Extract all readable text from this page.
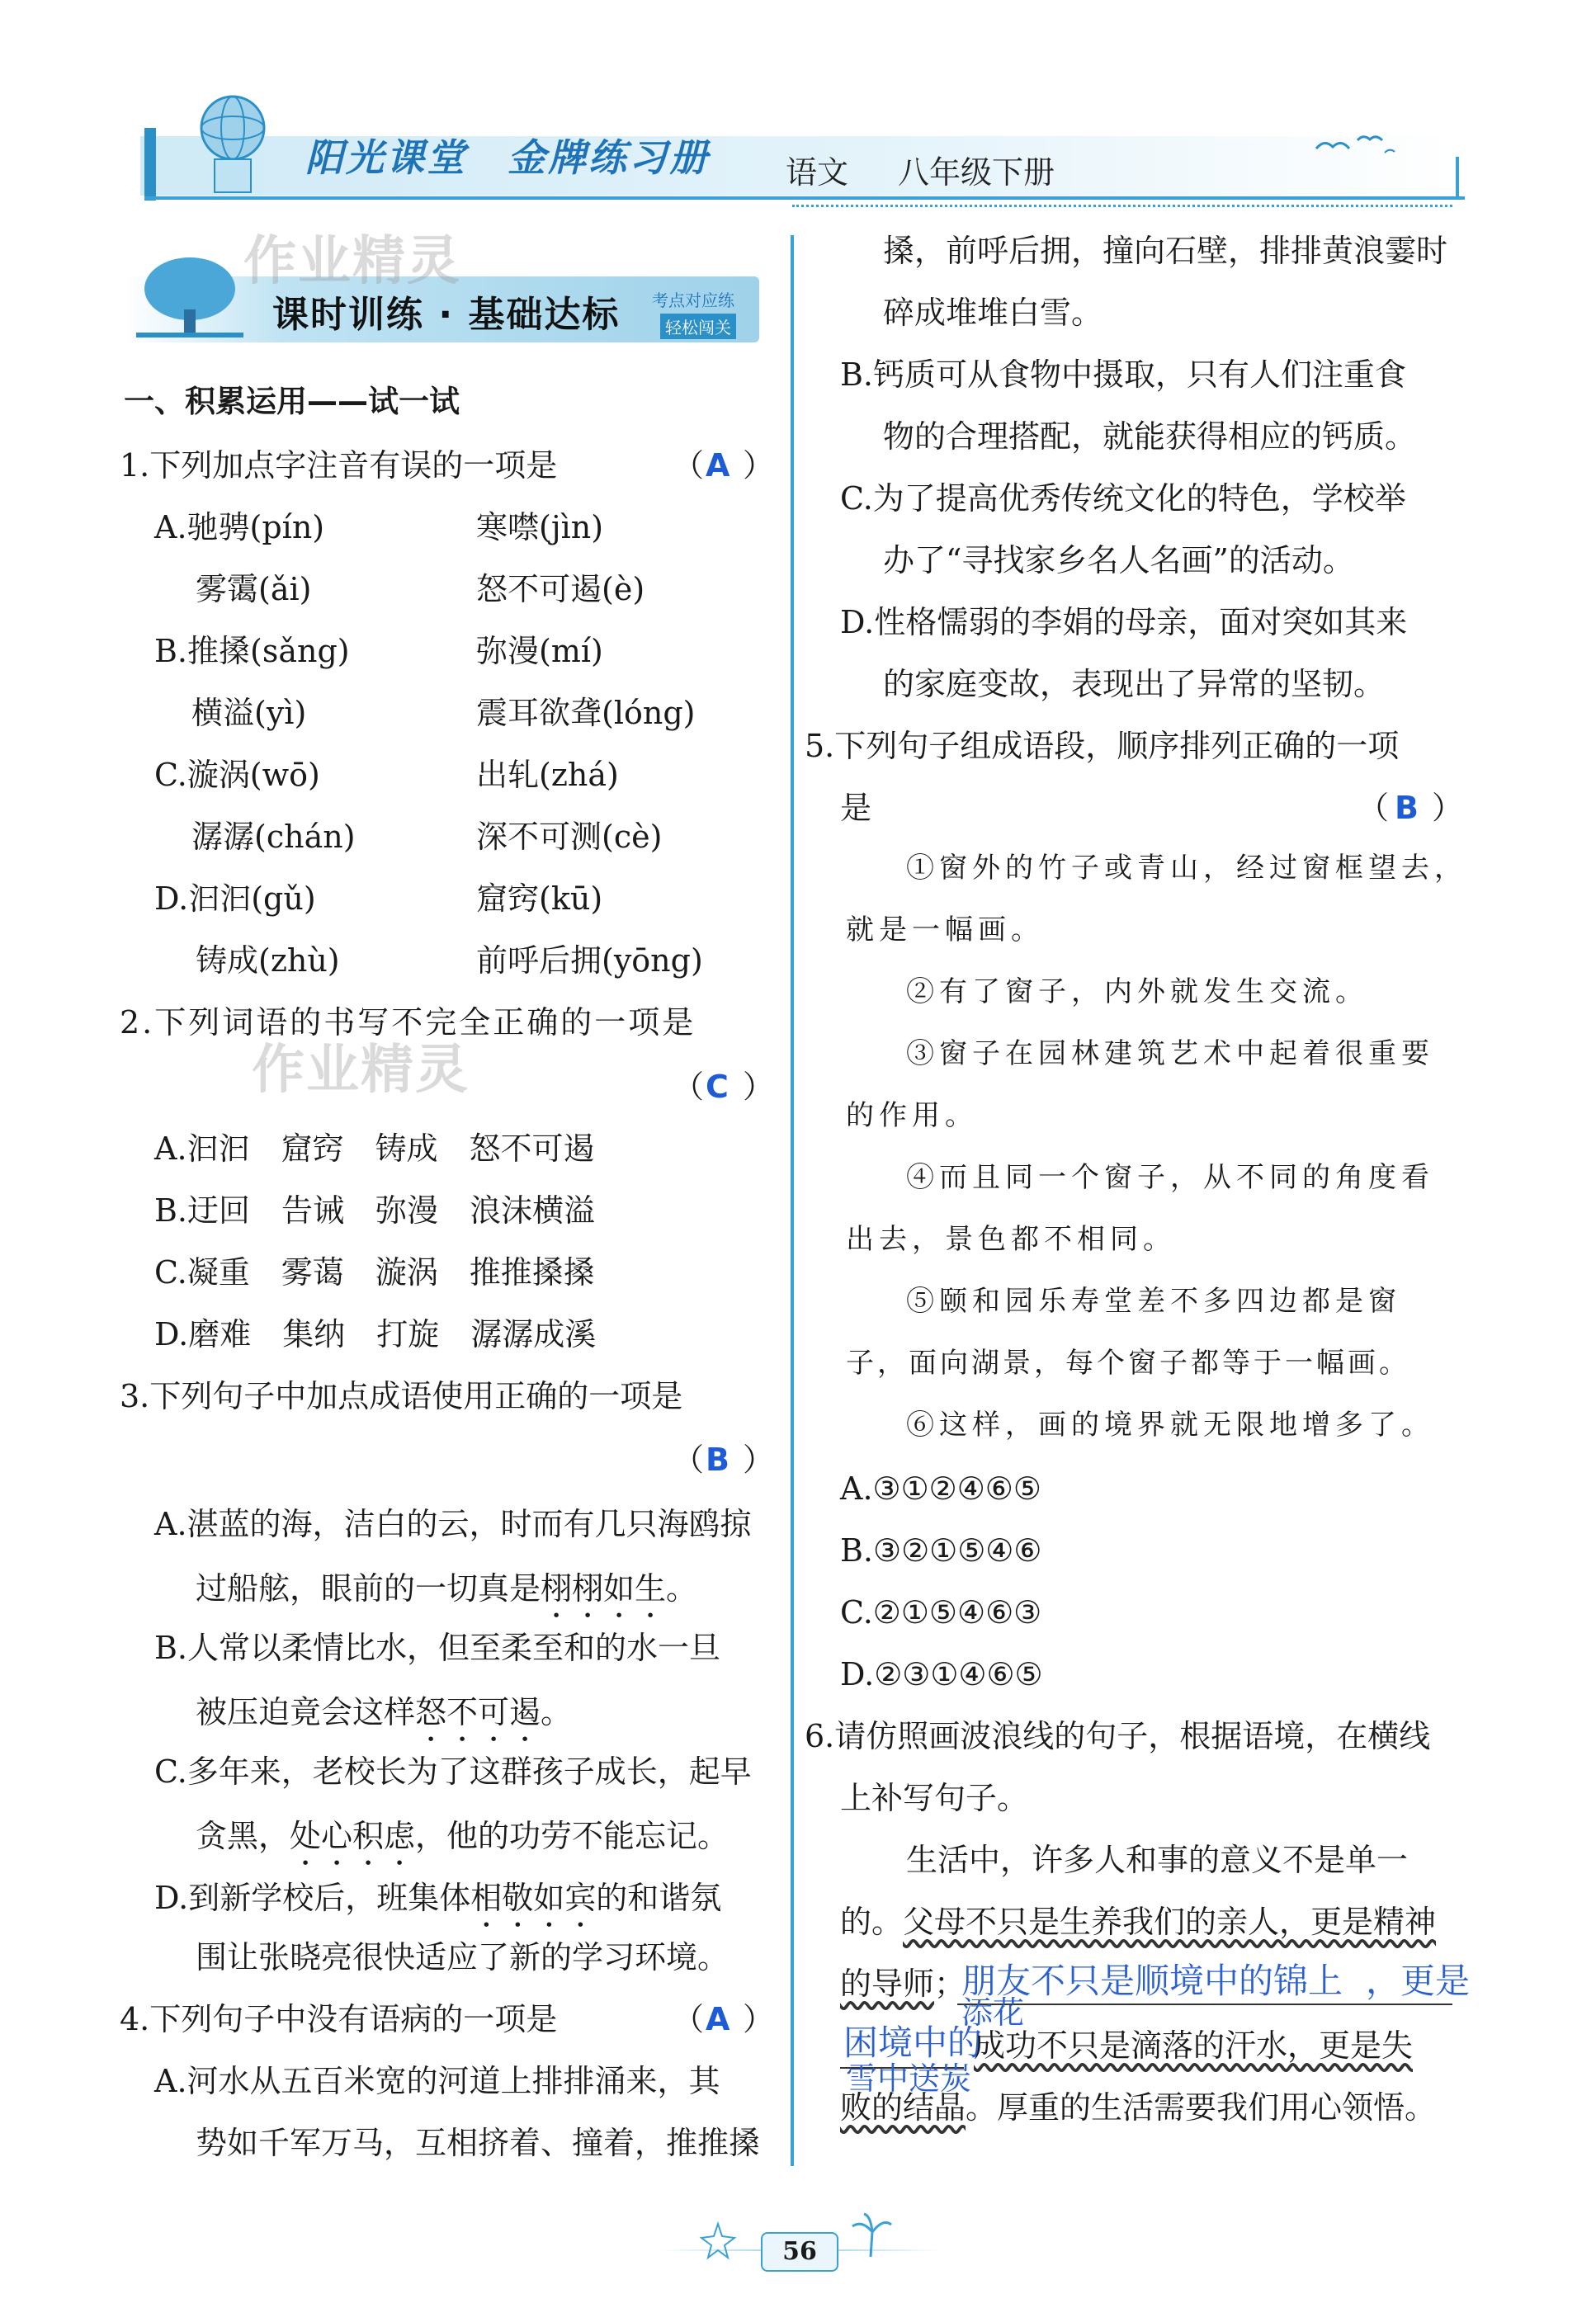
阳光课堂 金牌练习册 语文 八年级下册
课时训练 · 基础达标 考点对应练
轻松闯关
作业精灵
作业精灵
一、积累运用——试一试
1.下列加点字注音有误的一项是	（ A ）
A.驰骋(pín)	寒噤(jìn)
雾霭(ǎi)	怒不可遏(è)
B.推搡(sǎng)	弥漫(mí)
横溢(yì)	震耳欲聋(lóng)
C.漩涡(wō)	出轧(zhá)
潺潺(chán)	深不可测(cè)
D.汩汩(gǔ)	窟窍(kū)
铸成(zhù)	前呼后拥(yōng)
2.下列词语的书写不完全正确的一项是
（ C ）
A.汩汩　窟窍　铸成　怒不可遏
B.迂回　告诫　弥漫　浪沫横溢
C.凝重　雾蔼　漩涡　推推搡搡
D.磨难　集纳　打旋　潺潺成溪
3.下列句子中加点成语使用正确的一项是
（ B ）
A.湛蓝的海，洁白的云，时而有几只海鸥掠
过船舷，眼前的一切真是栩栩如生。
B.人常以柔情比水，但至柔至和的水一旦
被压迫竟会这样怒不可遏。
C.多年来，老校长为了这群孩子成长，起早
贪黑，处心积虑，他的功劳不能忘记。
D.到新学校后，班集体相敬如宾的和谐氛
围让张晓亮很快适应了新的学习环境。
4.下列句子中没有语病的一项是	（ A ）
A.河水从五百米宽的河道上排排涌来，其
势如千军万马，互相挤着、撞着，推推搡
搡，前呼后拥，撞向石壁，排排黄浪霎时
碎成堆堆白雪。
B.钙质可从食物中摄取，只有人们注重食
物的合理搭配，就能获得相应的钙质。
C.为了提高优秀传统文化的特色，学校举
办了“寻找家乡名人名画”的活动。
D.性格懦弱的李娟的母亲，面对突如其来
的家庭变故，表现出了异常的坚韧。
5.下列句子组成语段，顺序排列正确的一项
是	（ B ）
①窗外的竹子或青山，经过窗框望去，
就是一幅画。
②有了窗子，内外就发生交流。
③窗子在园林建筑艺术中起着很重要
的作用。
④而且同一个窗子，从不同的角度看
出去，景色都不相同。
⑤颐和园乐寿堂差不多四边都是窗
子，面向湖景，每个窗子都等于一幅画。
⑥这样，画的境界就无限地增多了。
A.③①②④⑥⑤
B.③②①⑤④⑥
C.②①⑤④⑥③
D.②③①④⑥⑤
6.请仿照画波浪线的句子，根据语境，在横线
上补写句子。
生活中，许多人和事的意义不是单一
的。父母不只是生养我们的亲人，更是精神
的导师；
朋友不只是顺境中的锦上 ，更是
困境中的
添花
成功不只是滴落的汗水，更是失
雪中送炭
败的结晶。厚重的生活需要我们用心领悟。
56
